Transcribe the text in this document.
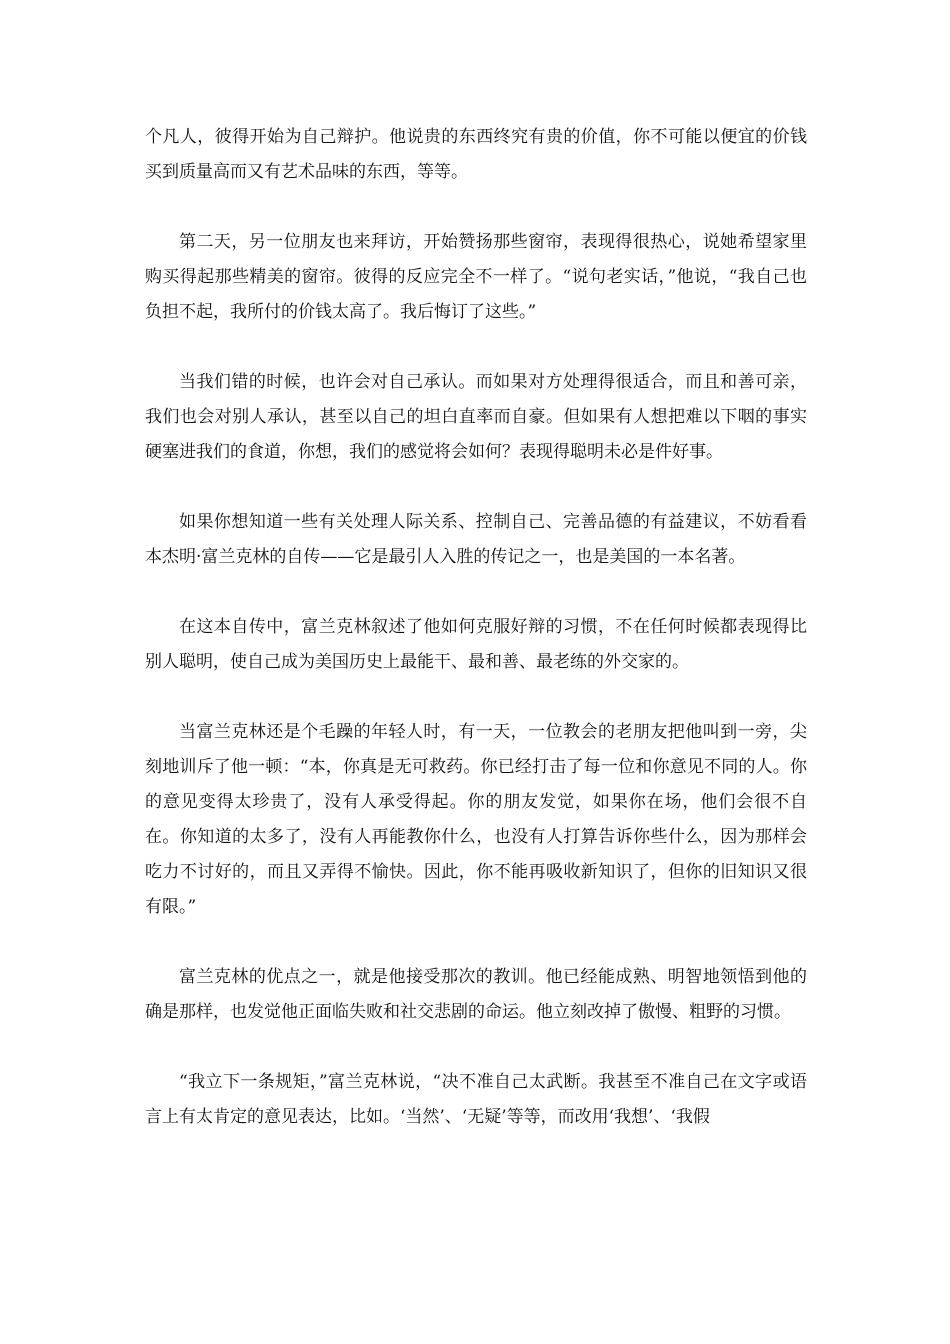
个凡人，彼得开始为自己辩护。他说贵的东西终究有贵的价值，你不可能以便宜的价钱买到质量高而又有艺术品味的东西，等等。

第二天，另一位朋友也来拜访，开始赞扬那些窗帘，表现得很热心，说她希望家里购买得起那些精美的窗帘。彼得的反应完全不一样了。“说句老实话，”他说，“我自己也负担不起，我所付的价钱太高了。我后悔订了这些。”

当我们错的时候，也许会对自己承认。而如果对方处理得很适合，而且和善可亲，我们也会对别人承认，甚至以自己的坦白直率而自豪。但如果有人想把难以下咽的事实硬塞进我们的食道，你想，我们的感觉将会如何？表现得聪明未必是件好事。

如果你想知道一些有关处理人际关系、控制自己、完善品德的有益建议，不妨看看本杰明·富兰克林的自传——它是最引人入胜的传记之一，也是美国的一本名著。

在这本自传中，富兰克林叙述了他如何克服好辩的习惯，不在任何时候都表现得比别人聪明，使自己成为美国历史上最能干、最和善、最老练的外交家的。

当富兰克林还是个毛躁的年轻人时，有一天，一位教会的老朋友把他叫到一旁，尖刻地训斥了他一顿：“本，你真是无可救药。你已经打击了每一位和你意见不同的人。你的意见变得太珍贵了，没有人承受得起。你的朋友发觉，如果你在场，他们会很不自在。你知道的太多了，没有人再能教你什么，也没有人打算告诉你些什么，因为那样会吃力不讨好的，而且又弄得不愉快。因此，你不能再吸收新知识了，但你的旧知识又很有限。”

富兰克林的优点之一，就是他接受那次的教训。他已经能成熟、明智地领悟到他的确是那样，也发觉他正面临失败和社交悲剧的命运。他立刻改掉了傲慢、粗野的习惯。

“我立下一条规矩，”富兰克林说，“决不准自己太武断。我甚至不准自己在文字或语言上有太肯定的意见表达，比如。‘当然’、‘无疑’等等，而改用‘我想’、‘我假
